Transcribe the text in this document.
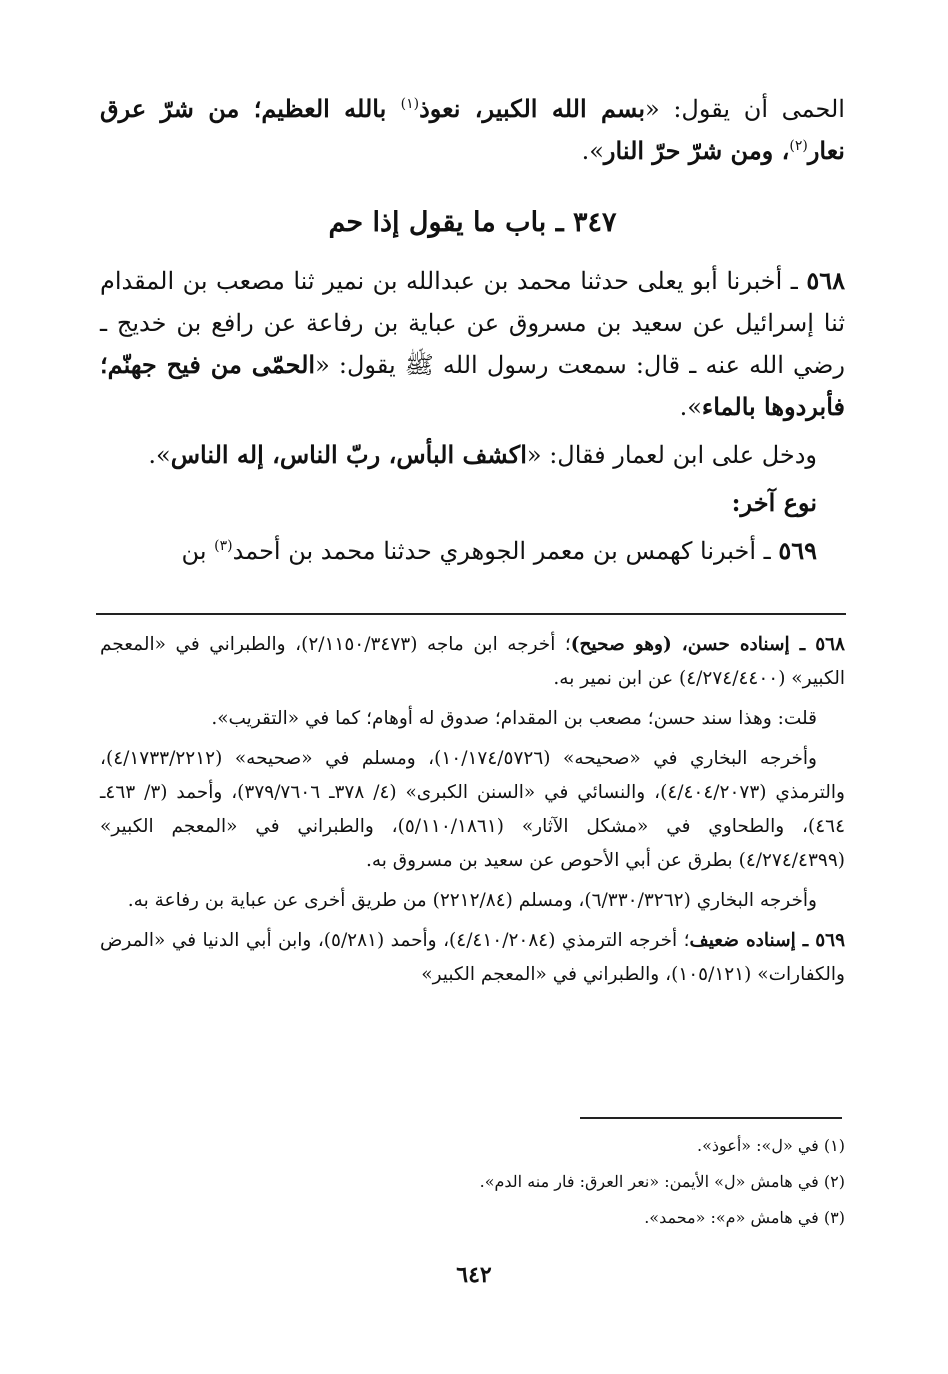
الحمى أن يقول: «بسم الله الكبير، نعوذ$^{(١)}$ بالله العظيم؛ من شرّ عرق نعار$^{(٢)}$، ومن شرّ حرّ النار».

٣٤٧ ـ باب ما يقول إذا حم

٥٦٨ ـ أخبرنا أبو يعلى حدثنا محمد بن عبدالله بن نمير ثنا مصعب بن المقدام ثنا إسرائيل عن سعيد بن مسروق عن عباية بن رفاعة عن رافع بن خديج ـ رضي الله عنه ـ قال: سمعت رسول الله ﷺ يقول: «الحمّى من فيح جهنّم؛ فأبردوها بالماء».

ودخل على ابن لعمار فقال: «اكشف البأس، ربّ الناس، إله الناس».

نوع آخر:

٥٦٩ ـ أخبرنا كهمس بن معمر الجوهري حدثنا محمد بن أحمد$^{(٣)}$ بن

٥٦٨ ـ إسناده حسن، (وهو صحيح)؛ أخرجه ابن ماجه (٢/١١٥٠/٣٤٧٣)، والطبراني في «المعجم الكبير» (٤/٢٧٤/٤٤٠٠) عن ابن نمير به.

قلت: وهذا سند حسن؛ مصعب بن المقدام؛ صدوق له أوهام؛ كما في «التقريب».

وأخرجه البخاري في «صحيحه» (١٠/١٧٤/٥٧٢٦)، ومسلم في «صحيحه» (٤/١٧٣٣/٢٢١٢)، والترمذي (٤/٤٠٤/٢٠٧٣)، والنسائي في «السنن الكبرى» (٤/ ٣٧٨ـ ٣٧٩/٧٦٠٦)، وأحمد (٣/ ٤٦٣ـ ٤٦٤)، والطحاوي في «مشكل الآثار» (٥/١١٠/١٨٦١)، والطبراني في «المعجم الكبير» (٤/٢٧٤/٤٣٩٩) بطرق عن أبي الأحوص عن سعيد بن مسروق به.

وأخرجه البخاري (٦/٣٣٠/٣٢٦٢)، ومسلم (٢٢١٢/٨٤) من طريق أخرى عن عباية بن رفاعة به.

٥٦٩ ـ إسناده ضعيف؛ أخرجه الترمذي (٤/٤١٠/٢٠٨٤)، وأحمد (٥/٢٨١)، وابن أبي الدنيا في «المرض والكفارات» (١٠٥/١٢١)، والطبراني في «المعجم الكبير»

(١) في «ل»: «أعوذ».
(٢) في هامش «ل» الأيمن: «نعر العرق: فار منه الدم».
(٣) في هامش «م»: «محمد».
٦٤٢
